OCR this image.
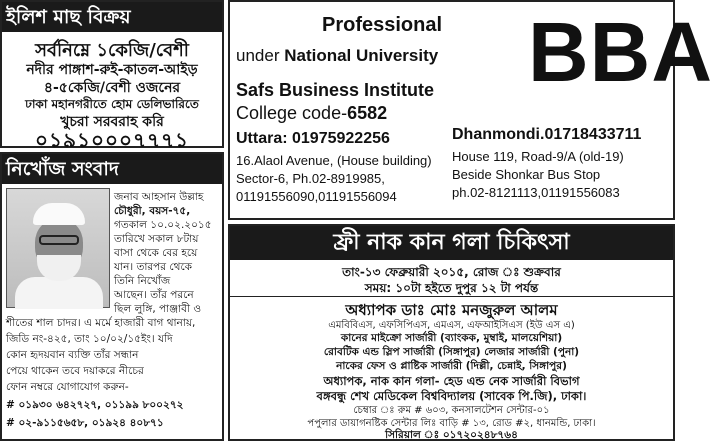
ইলিশ মাছ বিক্রয়
সর্বনিম্নে ১কেজি/বেশী
নদীর পাঙ্গাশ-রুই-কাতল-আইড়
৪-৫কেজি/বেশী ওজনের
ঢাকা মহানগরীতে হোম ডেলিভারিতে
খুচরা সরবরাহ করি
০১৯১০০০৭৭৭১
নিখোঁজ সংবাদ
জনাব আহসান উল্লাহ
চৌধুরী, বয়স-৭৫,
গতকাল ১০.০২.২০১৫
তারিখে সকাল ৮টায়
বাসা থেকে বের হয়ে
যান। তারপর থেকে
তিনি নিখোঁজ
আছেন। তাঁর পরনে
ছিল লুঙ্গি, পাঞ্জাবী ও
শীতের শাল চাদর। এ মর্মে হাজারী বাগ থানায়,
জিডি নং-৪২৫, তাং ১০/০২/১৫ইং। যদি
কোন হৃদয়বান ব্যক্তি তাঁর সন্ধান
পেয়ে থাকেন তবে দয়াকরে নীচের
ফোন নম্বরে যোগাযোগ করুন-
# ০১৯৩০ ৬৪২৭২৭, ০১১৯৯ ৮০০২৭২
# ০২-৯১১৫৬৫৮, ০১৯২৪ ৪০৮৭১
Professional
under National University BBA
Safs Business Institute
College code-6582
Uttara: 01975922256	Dhanmondi.01718433711
16.Alaol Avenue, (House building)
Sector-6, Ph.02-8919985,
01191556090,01191556094
House 119, Road-9/A (old-19)
Beside Shonkar Bus Stop
ph.02-8121113,01191556083
ফ্রী নাক কান গলা চিকিৎসা
তাং-১৩ ফেব্রুয়ারী ২০১৫, রোজ ঃ শুক্রবার
সময়: ১০টা হইতে দুপুর ১২ টা পর্যন্ত
অধ্যাপক ডাঃ মোঃ মনজুরুল আলম
এমবিবিএস, এফসিপিএস, এমএস, এফআইসিএস (ইউ এস এ)
কানের মাইক্রো সার্জারী (ব্যাংকক, মুম্বাই, মালয়েশিয়া)
রোবটিক এন্ড স্লিপ সার্জারী (সিঙ্গাপুর) লেজার সার্জারী (পুনা)
নাকের ফেস ও প্লাষ্টিক সার্জারী (দিল্লী, চেন্নাই, সিঙ্গাপুর)
অধ্যাপক, নাক কান গলা- হেড এন্ড নেক সার্জারী বিভাগ
বঙ্গবন্ধু শেখ মেডিকেল বিশ্ববিদ্যালয় (সাবেক পি.জি), ঢাকা।
চেম্বার ঃ রুম # ৬০৩, কনসালটেশন সেন্টার-০১
পপুলার ডায়াগনষ্টিক সেন্টার লিঃ বাড়ি # ১৩, রোড #২, ধানমন্ডি, ঢাকা।
সিরিয়াল ঃ ০১৭২০২৪৮৭৬৪
